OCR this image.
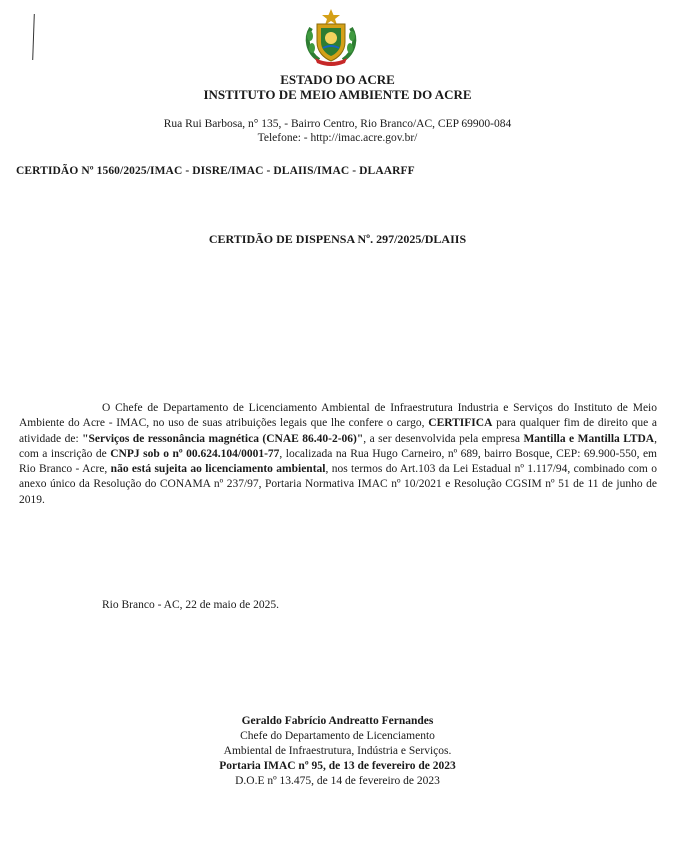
ESTADO DO ACRE
INSTITUTO DE MEIO AMBIENTE DO ACRE
Rua Rui Barbosa, n° 135, - Bairro Centro, Rio Branco/AC, CEP 69900-084
Telefone: - http://imac.acre.gov.br/
CERTIDÃO Nº 1560/2025/IMAC - DISRE/IMAC - DLAIIS/IMAC - DLAARFF
CERTIDÃO DE DISPENSA Nº. 297/2025/DLAIIS

O Chefe de Departamento de Licenciamento Ambiental de Infraestrutura Industria e Serviços do Instituto de Meio Ambiente do Acre - IMAC, no uso de suas atribuições legais que lhe confere o cargo, CERTIFICA para qualquer fim de direito que a atividade de: "Serviços de ressonância magnética (CNAE 86.40-2-06)", a ser desenvolvida pela empresa Mantilla e Mantilla LTDA, com a inscrição de CNPJ sob o nº 00.624.104/0001-77, localizada na Rua Hugo Carneiro, nº 689, bairro Bosque, CEP: 69.900-550, em Rio Branco - Acre, não está sujeita ao licenciamento ambiental, nos termos do Art.103 da Lei Estadual nº 1.117/94, combinado com o anexo único da Resolução do CONAMA nº 237/97, Portaria Normativa IMAC nº 10/2021 e Resolução CGSIM nº 51 de 11 de junho de 2019.

Rio Branco - AC, 22 de maio de 2025.
Geraldo Fabrício Andreatto Fernandes
Chefe do Departamento de Licenciamento
Ambiental de Infraestrutura, Indústria e Serviços.
Portaria IMAC nº 95, de 13 de fevereiro de 2023
D.O.E nº 13.475, de 14 de fevereiro de 2023
